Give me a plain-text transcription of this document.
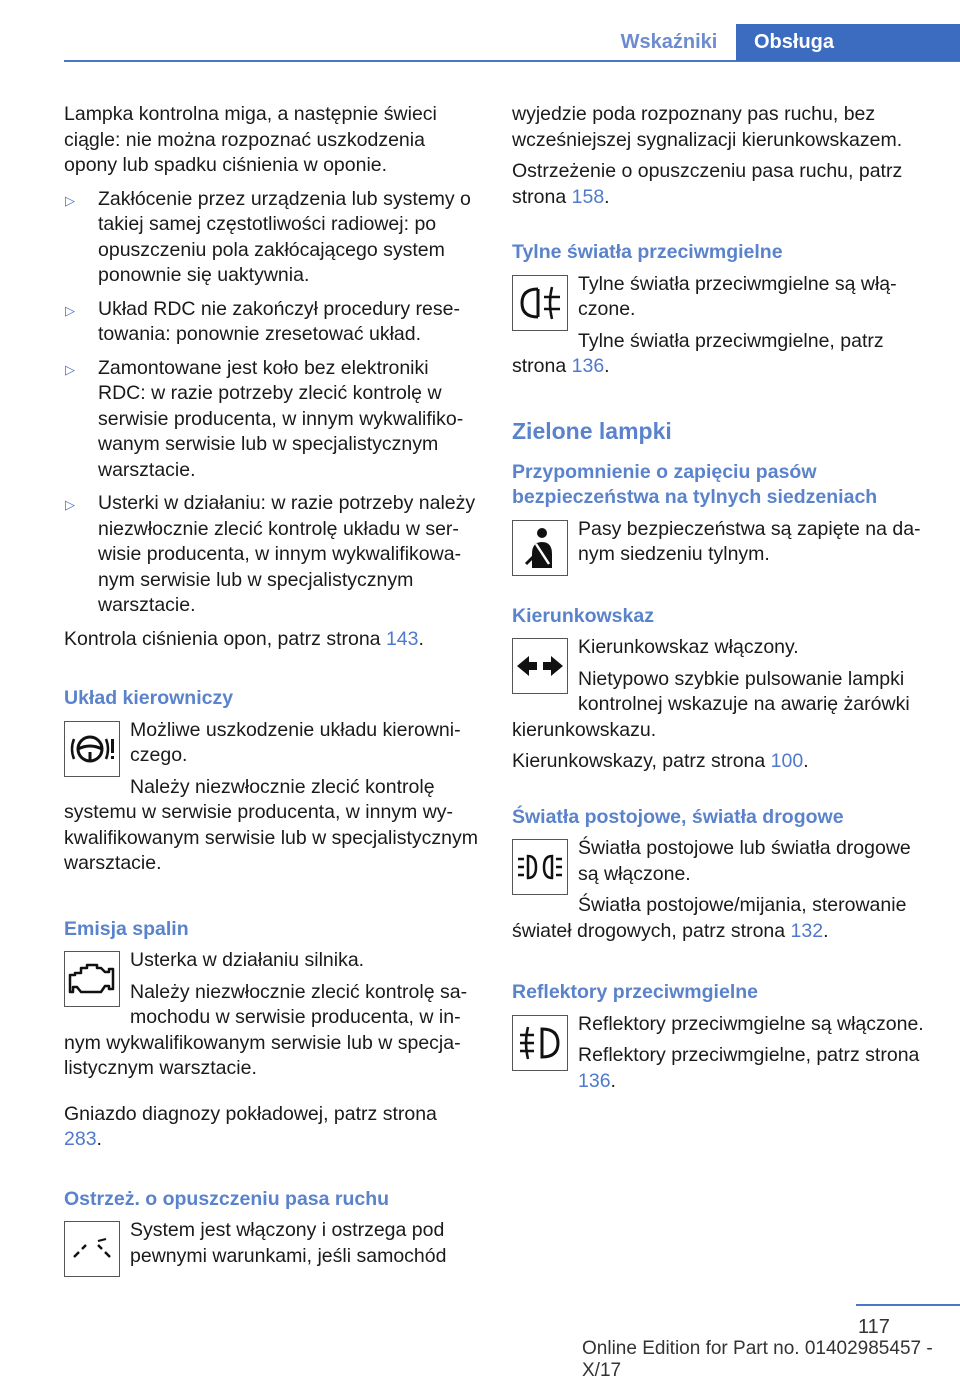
Wskaźniki	Obsługa

Lampka kontrolna miga, a następnie świeci ciągle: nie można rozpoznać uszkodzenia opony lub spadku ciśnienia w oponie.

▷	Zakłócenie przez urządzenia lub systemy o takiej samej częstotliwości radiowej: po opuszczeniu pola zakłócającego system ponownie się uaktywnia.
▷	Układ RDC nie zakończył procedury resetowania: ponownie zresetować układ.
▷	Zamontowane jest koło bez elektroniki RDC: w razie potrzeby zlecić kontrolę w serwisie producenta, w innym wykwalifikowanym serwisie lub w specjalistycznym warsztacie.
▷	Usterki w działaniu: w razie potrzeby należy niezwłocznie zlecić kontrolę układu w serwisie producenta, w innym wykwalifikowanym serwisie lub w specjalistycznym warsztacie.

Kontrola ciśnienia opon, patrz strona 143.

Układ kierowniczy

Możliwe uszkodzenie układu kierowniczego.

Należy niezwłocznie zlecić kontrolę systemu w serwisie producenta, w innym wykwalifikowanym serwisie lub w specjalistycznym warsztacie.

Emisja spalin

Usterka w działaniu silnika.

Należy niezwłocznie zlecić kontrolę samochodu w serwisie producenta, w innym wykwalifikowanym serwisie lub w specjalistycznym warsztacie.

Gniazdo diagnozy pokładowej, patrz strona 283.

Ostrzeż. o opuszczeniu pasa ruchu

System jest włączony i ostrzega pod pewnymi warunkami, jeśli samochód

wyjedzie poda rozpoznany pas ruchu, bez wcześniejszej sygnalizacji kierunkowskazem.

Ostrzeżenie o opuszczeniu pasa ruchu, patrz strona 158.

Tylne światła przeciwmgielne

Tylne światła przeciwmgielne są włączone.

Tylne światła przeciwmgielne, patrz strona 136.

Zielone lampki
Przypomnienie o zapięciu pasów bezpieczeństwa na tylnych siedzeniach

Pasy bezpieczeństwa są zapięte na danym siedzeniu tylnym.

Kierunkowskaz

Kierunkowskaz włączony.

Nietypowo szybkie pulsowanie lampki kontrolnej wskazuje na awarię żarówki kierunkowskazu.

Kierunkowskazy, patrz strona 100.

Światła postojowe, światła drogowe

Światła postojowe lub światła drogowe są włączone.

Światła postojowe/mijania, sterowanie świateł drogowych, patrz strona 132.

Reflektory przeciwmgielne

Reflektory przeciwmgielne są włączone.

Reflektory przeciwmgielne, patrz strona 136.

117
Online Edition for Part no. 01402985457 - X/17
